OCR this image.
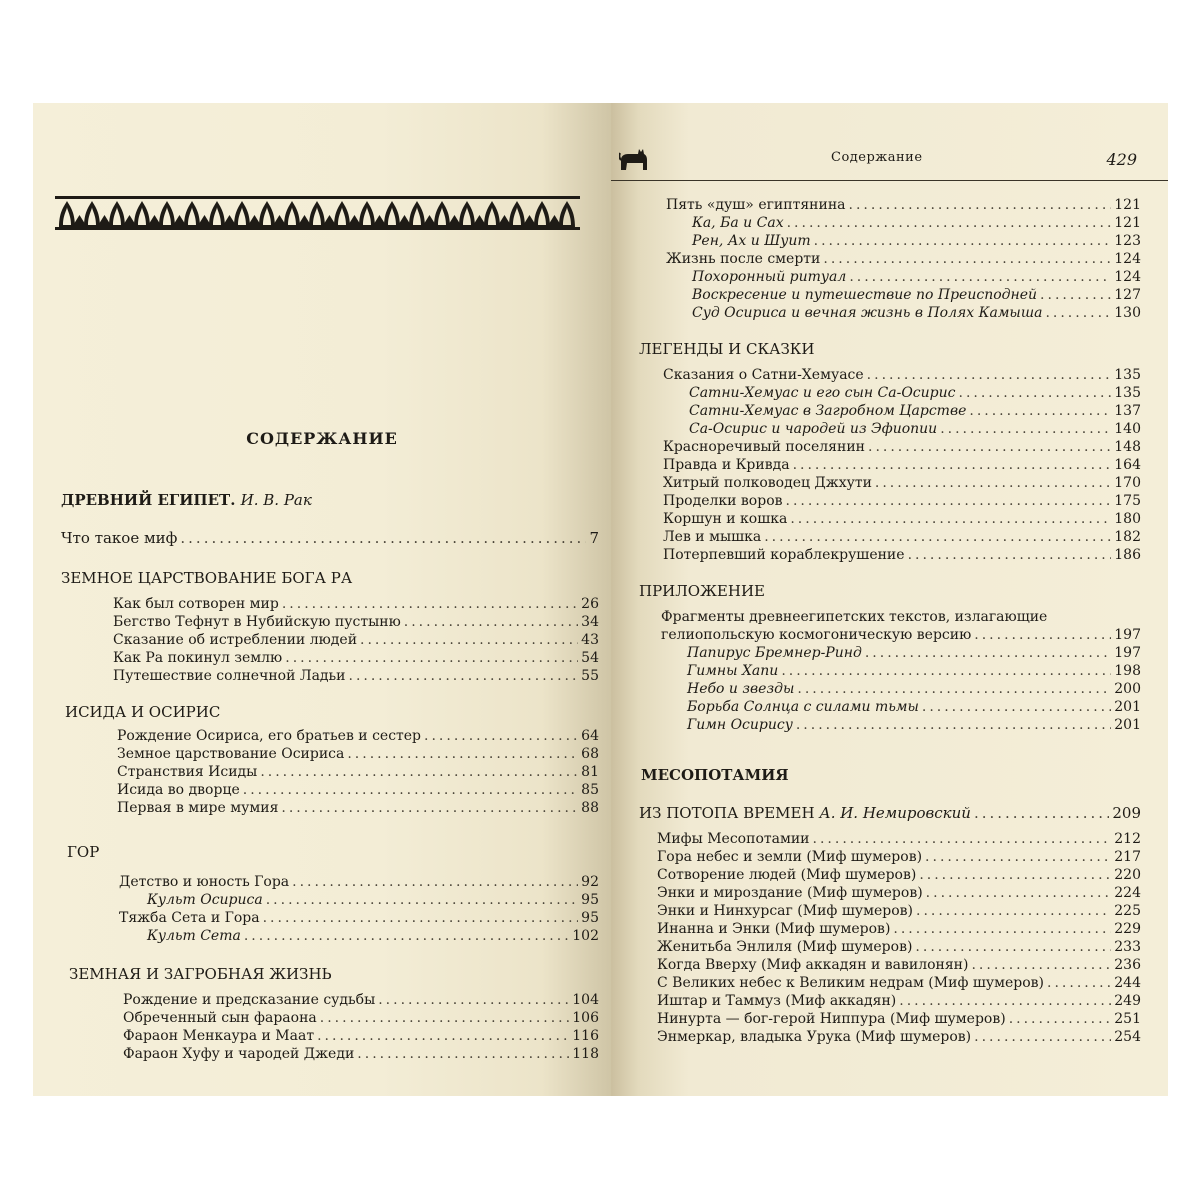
СОДЕРЖАНИЕ
ДРЕВНИЙ ЕГИПЕТ. И. В. Рак
Что такое миф .....	7
ЗЕМНОЕ ЦАРСТВОВАНИЕ БОГА РА
Как был сотворен мир .....	26
Бегство Тефнут в Нубийскую пустыню .....	34
Сказание об истреблении людей .....	43
Как Ра покинул землю .....	54
Путешествие солнечной Ладьи .....	55
ИСИДА И ОСИРИС
Рождение Осириса, его братьев и сестер .....	64
Земное царствование Осириса .....	68
Странствия Исиды .....	81
Исида во дворце .....	85
Первая в мире мумия .....	88
ГОР
Детство и юность Гора .....	92
Культ Осириса .....	95
Тяжба Сета и Гора .....	95
Культ Сета .....	102
ЗЕМНАЯ И ЗАГРОБНАЯ ЖИЗНЬ
Рождение и предсказание судьбы .....	104
Обреченный сын фараона .....	106
Фараон Менкаура и Маат .....	116
Фараон Хуфу и чародей Джеди .....	118
Содержание	429
Пять «душ» египтянина .....	121
Ка, Ба и Сах .....	121
Рен, Ах и Шуит .....	123
Жизнь после смерти .....	124
Похоронный ритуал .....	124
Воскресение и путешествие по Преисподней .....	127
Суд Осириса и вечная жизнь в Полях Камыша .....	130
ЛЕГЕНДЫ И СКАЗКИ
Сказания о Сатни-Хемуасе .....	135
Сатни-Хемуас и его сын Са-Осирис .....	135
Сатни-Хемуас в Загробном Царстве .....	137
Са-Осирис и чародей из Эфиопии .....	140
Красноречивый поселянин .....	148
Правда и Кривда .....	164
Хитрый полководец Джхути .....	170
Проделки воров .....	175
Коршун и кошка .....	180
Лев и мышка .....	182
Потерпевший кораблекрушение .....	186
ПРИЛОЖЕНИЕ
Фрагменты древнеегипетских текстов, излагающие
гелиопольскую космогоническую версию .....	197
Папирус Бремнер-Ринд .....	197
Гимны Хапи .....	198
Небо и звезды .....	200
Борьба Солнца с силами тьмы .....	201
Гимн Осирису .....	201
МЕСОПОТАМИЯ
ИЗ ПОТОПА ВРЕМЕН А. И. Немировский .....	209
Мифы Месопотамии .....	212
Гора небес и земли (Миф шумеров) .....	217
Сотворение людей (Миф шумеров) .....	220
Энки и мироздание (Миф шумеров) .....	224
Энки и Нинхурсаг (Миф шумеров) .....	225
Инанна и Энки (Миф шумеров) .....	229
Женитьба Энлиля (Миф шумеров) .....	233
Когда Вверху (Миф аккадян и вавилонян) .....	236
С Великих небес к Великим недрам (Миф шумеров) .....	244
Иштар и Таммуз (Миф аккадян) .....	249
Нинурта — бог-герой Ниппура (Миф шумеров) .....	251
Энмеркар, владыка Урука (Миф шумеров) .....	254
